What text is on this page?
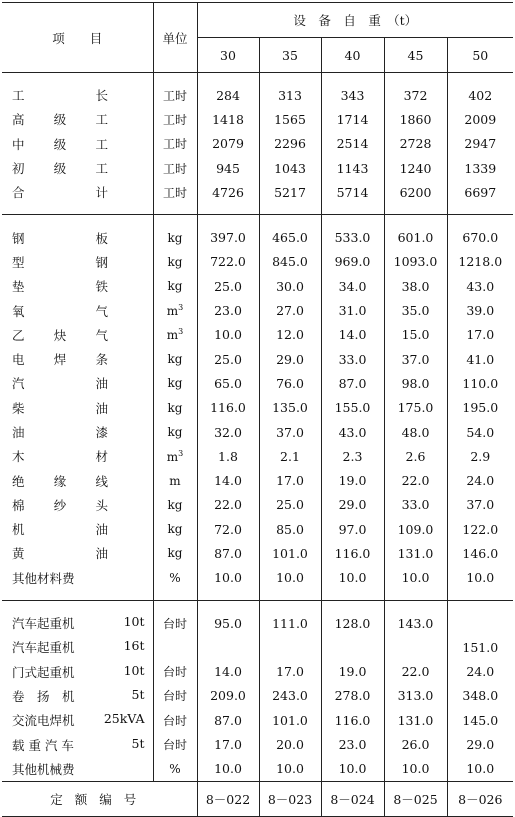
项　　目	单位	设　备　自　重　（t）				
		30	35	40	45	50

工 长	工时	284	313	343	372	402

高 级 工	工时	1418	1565	1714	1860	2009

中 级 工	工时	2079	2296	2514	2728	2947

初 级 工	工时	945	1043	1143	1240	1339

合 计	工时	4726	5217	5714	6200	6697

钢 板	kg	397.0	465.0	533.0	601.0	670.0

型 钢	kg	722.0	845.0	969.0	1093.0	1218.0

垫 铁	kg	25.0	30.0	34.0	38.0	43.0

氧 气	$m^3$	23.0	27.0	31.0	35.0	39.0

乙 炔 气	$m^3$	10.0	12.0	14.0	15.0	17.0

电 焊 条	kg	25.0	29.0	33.0	37.0	41.0

汽 油	kg	65.0	76.0	87.0	98.0	110.0

柴 油	kg	116.0	135.0	155.0	175.0	195.0

油 漆	kg	32.0	37.0	43.0	48.0	54.0

木 材	$m^3$	1.8	2.1	2.3	2.6	2.9

绝 缘 线	m	14.0	17.0	19.0	22.0	24.0

棉 纱 头	kg	22.0	25.0	29.0	33.0	37.0

机 油	kg	72.0	85.0	97.0	109.0	122.0

黄 油	kg	87.0	101.0	116.0	131.0	146.0
其他材料费	%	10.0	10.0	10.0	10.0	10.0

汽车起重机 10t	台时	95.0	111.0	128.0	143.0	

汽车起重机 16t						151.0

门式起重机 10t	台时	14.0	17.0	19.0	22.0	24.0

卷　扬　机 5t	台时	209.0	243.0	278.0	313.0	348.0

交流电焊机 25kVA	台时	87.0	101.0	116.0	131.0	145.0

载 重 汽 车 5t	台时	17.0	20.0	23.0	26.0	29.0

其他机械费	%	10.0	10.0	10.0	10.0	10.0
定额编号		8－022	8－023	8－024	8－025	8－026
